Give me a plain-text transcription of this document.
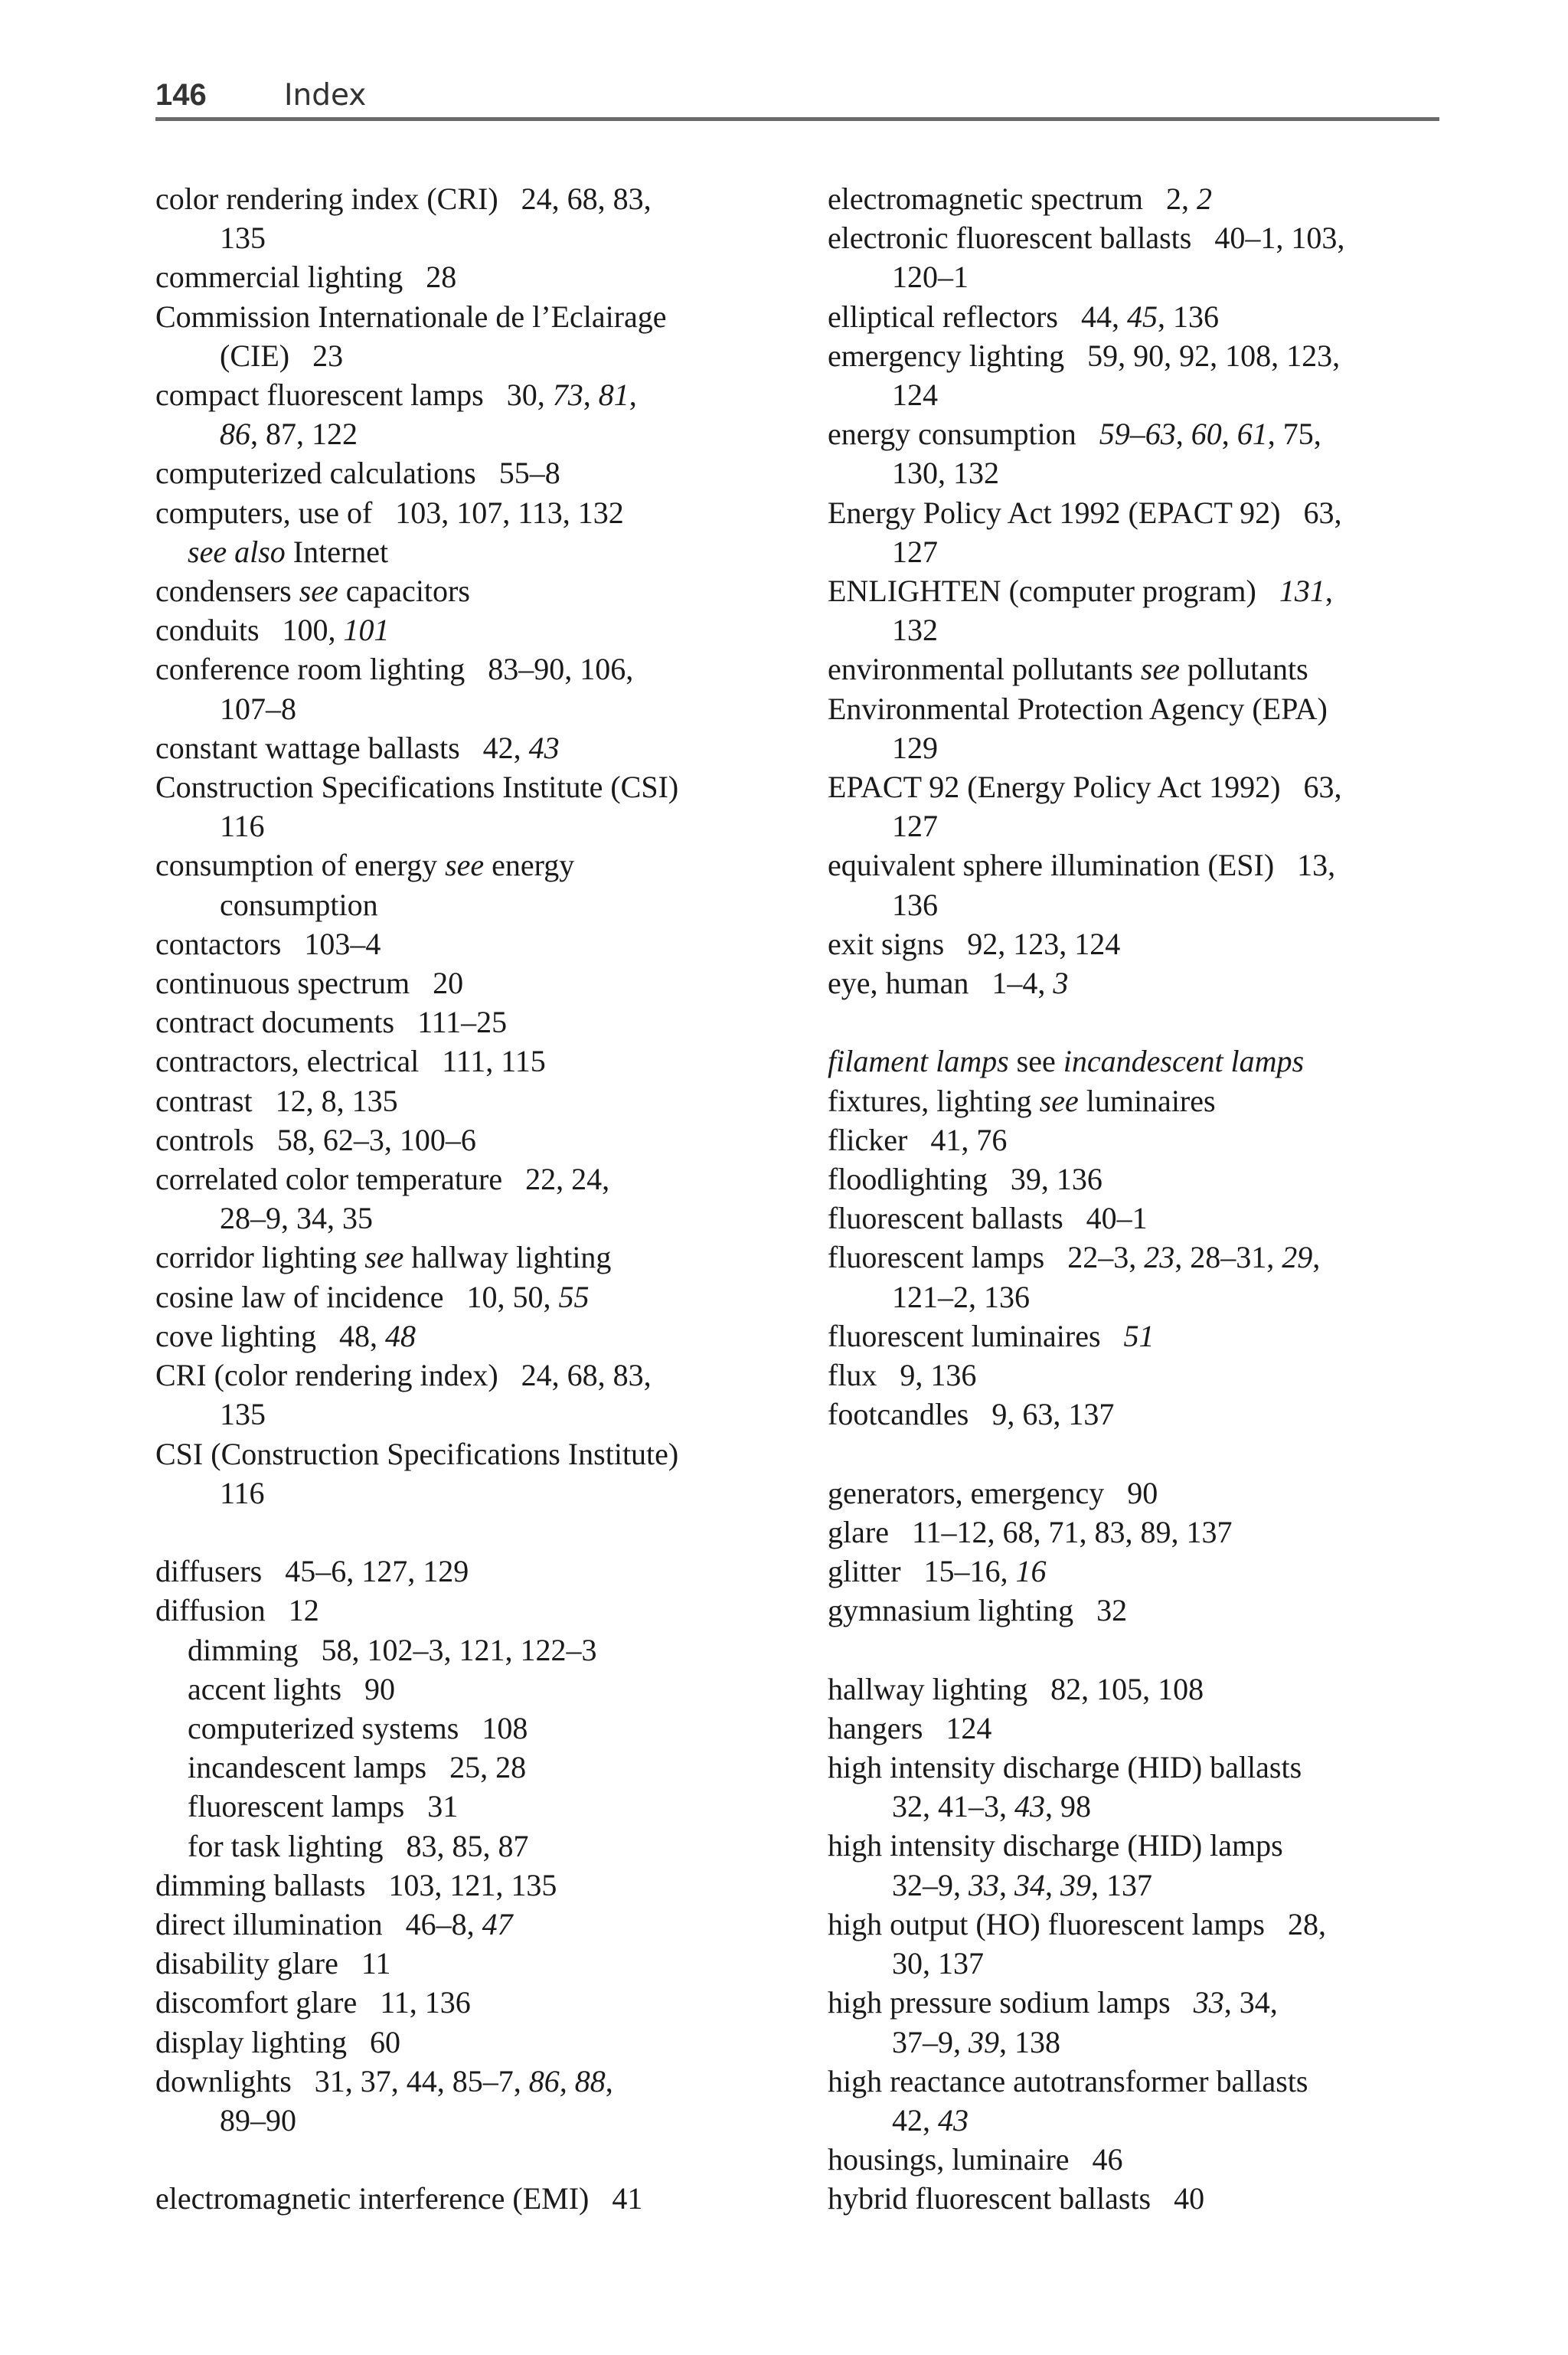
146	Index
color rendering index (CRI)   24, 68, 83,
135
commercial lighting   28
Commission Internationale de l’Eclairage
(CIE)   23
compact fluorescent lamps   30, 73, 81,
86, 87, 122
computerized calculations   55–8
computers, use of   103, 107, 113, 132
see also Internet
condensers see capacitors
conduits   100, 101
conference room lighting   83–90, 106,
107–8
constant wattage ballasts   42, 43
Construction Specifications Institute (CSI)
116
consumption of energy see energy
consumption
contactors   103–4
continuous spectrum   20
contract documents   111–25
contractors, electrical   111, 115
contrast   12, 8, 135
controls   58, 62–3, 100–6
correlated color temperature   22, 24,
28–9, 34, 35
corridor lighting see hallway lighting
cosine law of incidence   10, 50, 55
cove lighting   48, 48
CRI (color rendering index)   24, 68, 83,
135
CSI (Construction Specifications Institute)
116
diffusers   45–6, 127, 129
diffusion   12
dimming   58, 102–3, 121, 122–3
accent lights   90
computerized systems   108
incandescent lamps   25, 28
fluorescent lamps   31
for task lighting   83, 85, 87
dimming ballasts   103, 121, 135
direct illumination   46–8, 47
disability glare   11
discomfort glare   11, 136
display lighting   60
downlights   31, 37, 44, 85–7, 86, 88,
89–90
electromagnetic interference (EMI)   41
electromagnetic spectrum   2, 2
electronic fluorescent ballasts   40–1, 103,
120–1
elliptical reflectors   44, 45, 136
emergency lighting   59, 90, 92, 108, 123,
124
energy consumption   59–63, 60, 61, 75,
130, 132
Energy Policy Act 1992 (EPACT 92)   63,
127
ENLIGHTEN (computer program)   131,
132
environmental pollutants see pollutants
Environmental Protection Agency (EPA)
129
EPACT 92 (Energy Policy Act 1992)   63,
127
equivalent sphere illumination (ESI)   13,
136
exit signs   92, 123, 124
eye, human   1–4, 3
filament lamps see incandescent lamps
fixtures, lighting see luminaires
flicker   41, 76
floodlighting   39, 136
fluorescent ballasts   40–1
fluorescent lamps   22–3, 23, 28–31, 29,
121–2, 136
fluorescent luminaires   51
flux   9, 136
footcandles   9, 63, 137
generators, emergency   90
glare   11–12, 68, 71, 83, 89, 137
glitter   15–16, 16
gymnasium lighting   32
hallway lighting   82, 105, 108
hangers   124
high intensity discharge (HID) ballasts
32, 41–3, 43, 98
high intensity discharge (HID) lamps
32–9, 33, 34, 39, 137
high output (HO) fluorescent lamps   28,
30, 137
high pressure sodium lamps   33, 34,
37–9, 39, 138
high reactance autotransformer ballasts
42, 43
housings, luminaire   46
hybrid fluorescent ballasts   40
